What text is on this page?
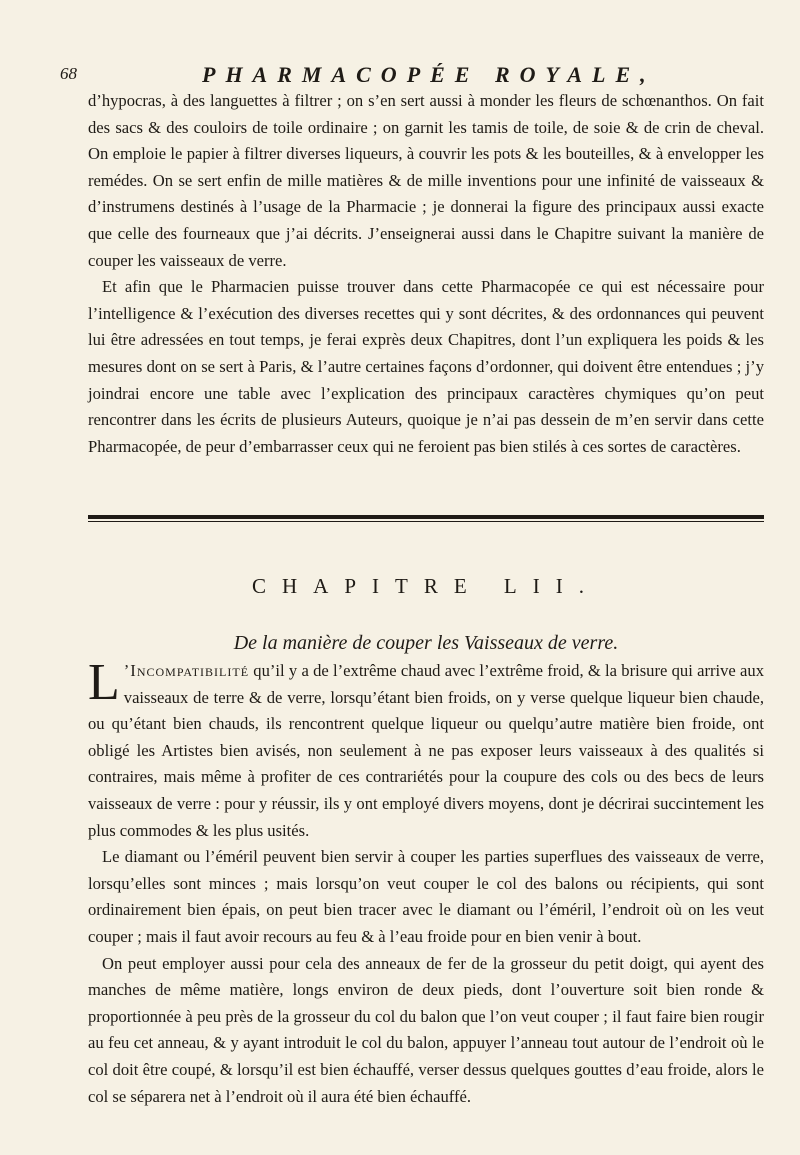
68	PHARMACOPÉE ROYALE,

d’hypocras, à des languettes à filtrer ; on s’en sert aussi à monder les fleurs de schœnanthos. On fait des sacs & des couloirs de toile ordinaire ; on garnit les tamis de toile, de soie & de crin de cheval. On emploie le papier à filtrer diverses liqueurs, à couvrir les pots & les bouteilles, & à envelopper les remédes. On se sert enfin de mille matières & de mille inventions pour une infinité de vaisseaux & d’instrumens destinés à l’usage de la Pharmacie ; je donnerai la figure des principaux aussi exacte que celle des fourneaux que j’ai décrits. J’enseignerai aussi dans le Chapitre suivant la manière de couper les vaisseaux de verre.

Et afin que le Pharmacien puisse trouver dans cette Pharmacopée ce qui est nécessaire pour l’intelligence & l’exécution des diverses recettes qui y sont décrites, & des ordonnances qui peuvent lui être adressées en tout temps, je ferai exprès deux Chapitres, dont l’un expliquera les poids & les mesures dont on se sert à Paris, & l’autre certaines façons d’ordonner, qui doivent être entendues ; j’y joindrai encore une table avec l’explication des principaux caractères chymiques qu’on peut rencontrer dans les écrits de plusieurs Auteurs, quoique je n’ai pas dessein de m’en servir dans cette Pharmacopée, de peur d’embarrasser ceux qui ne feroient pas bien stilés à ces sortes de caractères.

CHAPITRE LII.
De la manière de couper les Vaisseaux de verre.

L ’Incompatibilité qu’il y a de l’extrême chaud avec l’extrême froid, & la brisure qui arrive aux vaisseaux de terre & de verre, lorsqu’étant bien froids, on y verse quelque liqueur bien chaude, ou qu’étant bien chauds, ils rencontrent quelque liqueur ou quelqu’autre matière bien froide, ont obligé les Artistes bien avisés, non seulement à ne pas exposer leurs vaisseaux à des qualités si contraires, mais même à profiter de ces contrariétés pour la coupure des cols ou des becs de leurs vaisseaux de verre : pour y réussir, ils y ont employé divers moyens, dont je décrirai succintement les plus commodes & les plus usités.

Le diamant ou l’éméril peuvent bien servir à couper les parties superflues des vaisseaux de verre, lorsqu’elles sont minces ; mais lorsqu’on veut couper le col des balons ou récipients, qui sont ordinairement bien épais, on peut bien tracer avec le diamant ou l’éméril, l’endroit où on les veut couper ; mais il faut avoir recours au feu & à l’eau froide pour en bien venir à bout.

On peut employer aussi pour cela des anneaux de fer de la grosseur du petit doigt, qui ayent des manches de même matière, longs environ de deux pieds, dont l’ouverture soit bien ronde & proportionnée à peu près de la grosseur du col du balon que l’on veut couper ; il faut faire bien rougir au feu cet anneau, & y ayant introduit le col du balon, appuyer l’anneau tout autour de l’endroit où le col doit être coupé, & lorsqu’il est bien échauffé, verser dessus quelques gouttes d’eau froide, alors le col se séparera net à l’endroit où il aura été bien échauffé.
